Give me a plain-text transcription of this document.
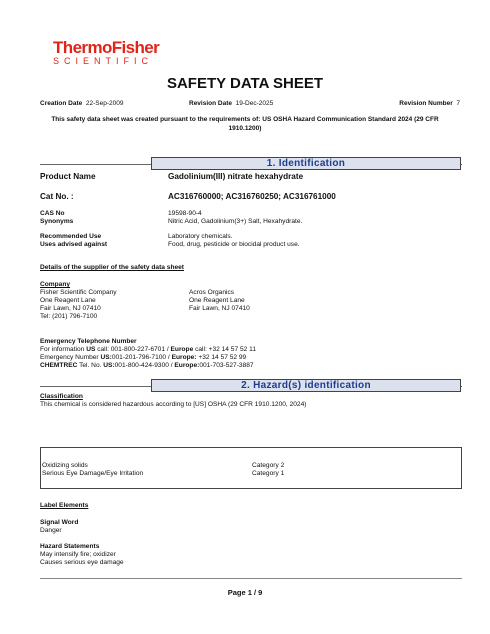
ThermoFisher
SCIENTIFIC
SAFETY DATA SHEET
Creation Date 22-Sep-2009	Revision Date 19-Dec-2025	Revision Number 7
This safety data sheet was created pursuant to the requirements of: US OSHA Hazard Communication Standard 2024 (29 CFR 1910.1200)
1. Identification
Product Name	Gadolinium(III) nitrate hexahydrate
Cat No. :	AC316760000; AC316760250; AC316761000
CAS No	19598-90-4
Synonyms	Nitric Acid, Gadolinium(3+) Salt, Hexahydrate.
Recommended Use	Laboratory chemicals.
Uses advised against	Food, drug, pesticide or biocidal product use.
Details of the supplier of the safety data sheet
Company
Fisher Scientific Company
One Reagent Lane
Fair Lawn, NJ 07410
Tel: (201) 796-7100
Acros Organics
One Reagent Lane
Fair Lawn, NJ 07410
Emergency Telephone Number
For information US call: 001-800-227-6701 / Europe call: +32 14 57 52 11
Emergency Number US:001-201-796-7100 / Europe: +32 14 57 52 99
CHEMTREC Tel. No. US:001-800-424-9300 / Europe:001-703-527-3887
2. Hazard(s) identification
Classification
This chemical is considered hazardous according to [US] OSHA (29 CFR 1910.1200, 2024)
Oxidizing solids	Category 2
Serious Eye Damage/Eye Irritation	Category 1
Label Elements
Signal Word
Danger
Hazard Statements
May intensify fire; oxidizer
Causes serious eye damage
Page 1 / 9
